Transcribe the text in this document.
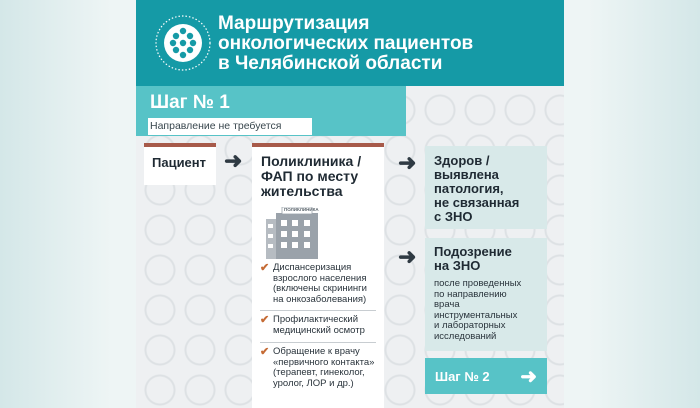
Маршрутизация
онкологических пациентов
в Челябинской области
Шаг № 1
Направление не требуется
Пациент ➜ Поликлиника /
ФАП по месту
жительства
ПОЛИКЛИНИКА
✔ Диспансеризация взрослого населения (включены скрининги на онкозаболевания)
✔ Профилактический медицинский осмотр
✔ Обращение к врачу «первичного контакта» (терапевт, гинеколог, уролог, ЛОР и др.)
➜
➜
Здоров /
выявлена
патология,
не связанная
с ЗНО
Подозрение
на ЗНО
после проведенных
по направлению
врача
инструментальных
и лабораторных
исследований
Шаг № 2 ➜
